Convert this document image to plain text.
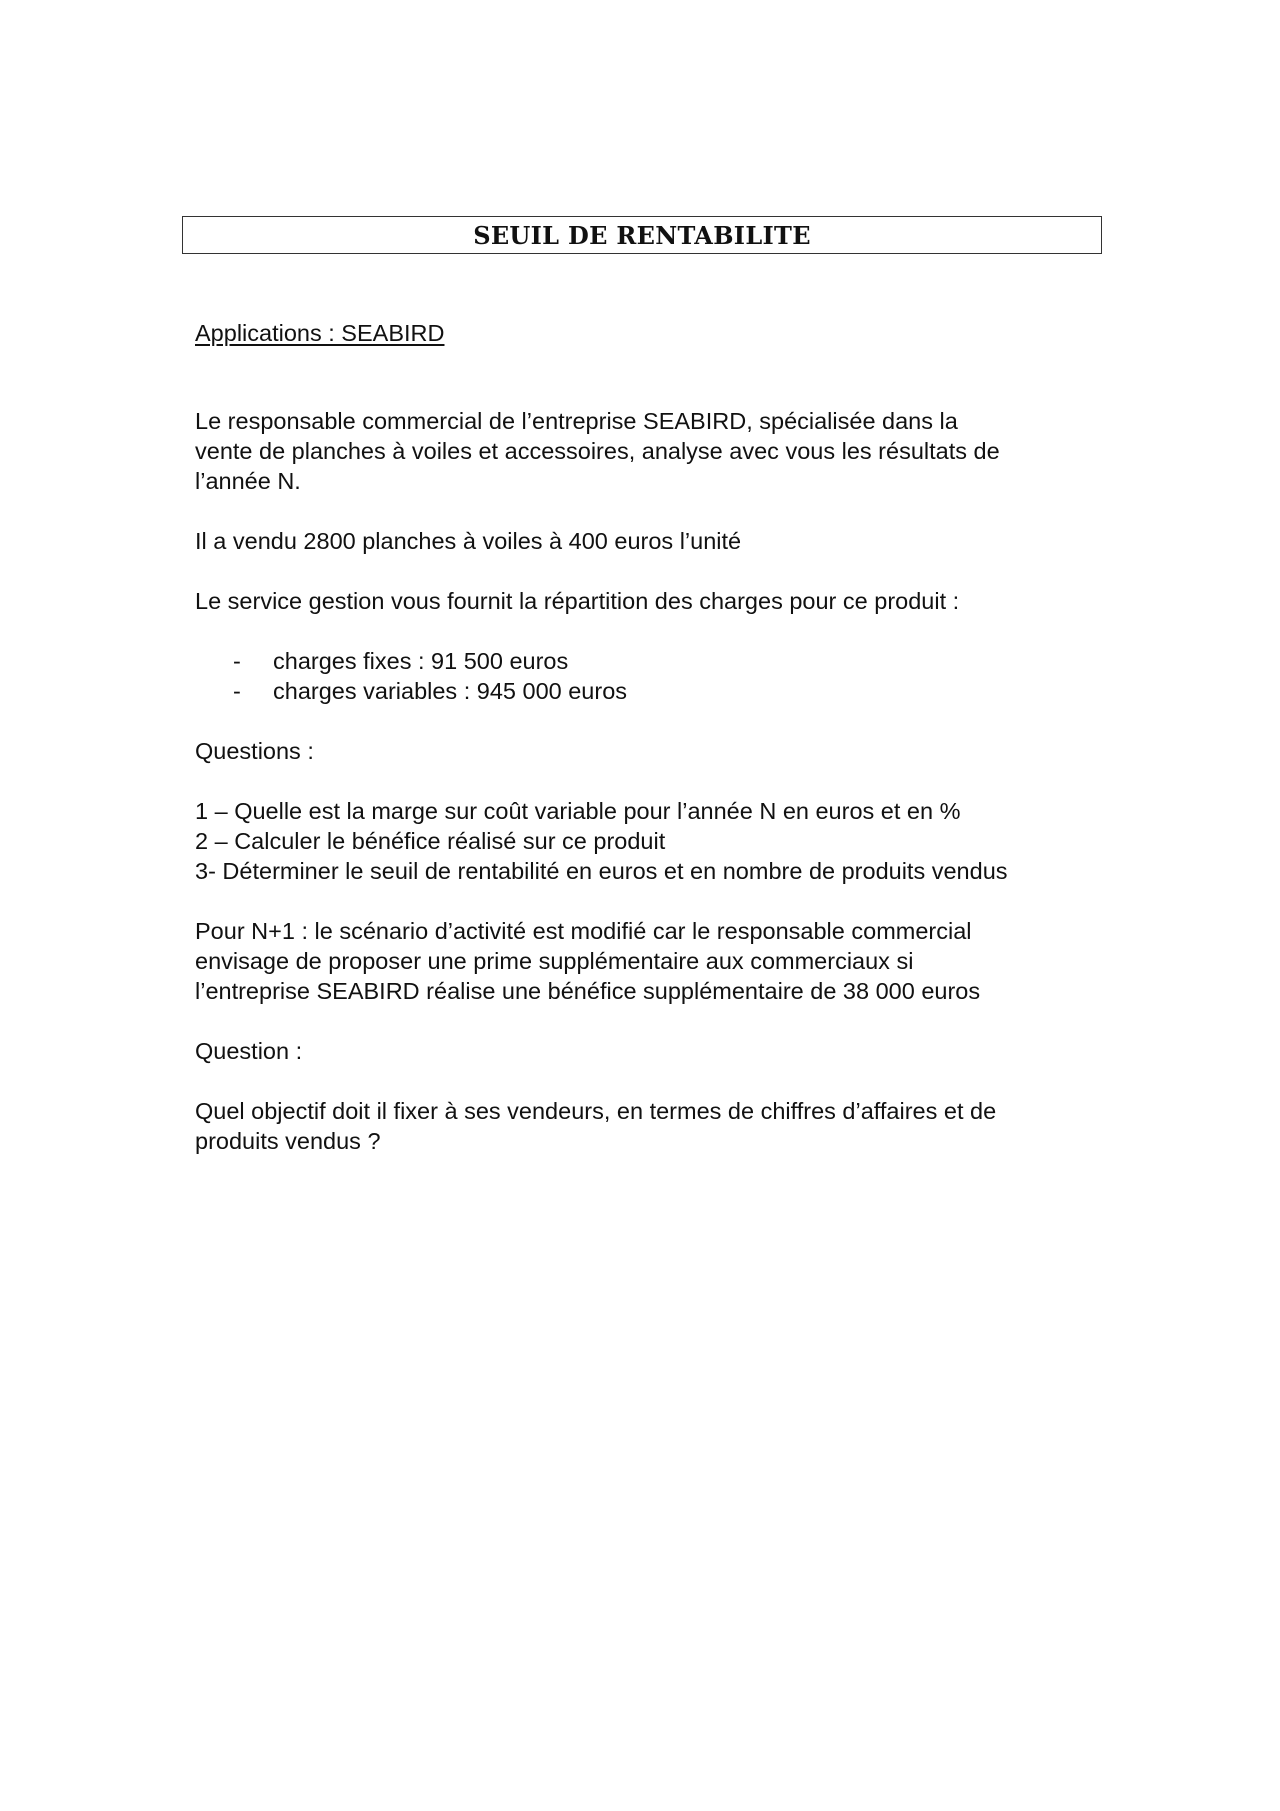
SEUIL DE RENTABILITE

Applications : SEABIRD

Le responsable commercial de l’entreprise SEABIRD, spécialisée dans la
vente de planches à voiles et accessoires, analyse avec vous les résultats de
l’année N.

Il a vendu 2800 planches à voiles à 400 euros l’unité

Le service gestion vous fournit la répartition des charges pour ce produit :

- charges fixes : 91 500 euros
- charges variables : 945 000 euros

Questions :

1 – Quelle est la marge sur coût variable pour l’année N en euros et en %
2 – Calculer le bénéfice réalisé sur ce produit
3- Déterminer le seuil de rentabilité en euros et en nombre de produits vendus

Pour N+1 : le scénario d’activité est modifié car le responsable commercial
envisage de proposer une prime supplémentaire aux commerciaux si
l’entreprise SEABIRD réalise une bénéfice supplémentaire de 38 000 euros

Question :

Quel objectif doit il fixer à ses vendeurs, en termes de chiffres d’affaires et de
produits vendus ?
